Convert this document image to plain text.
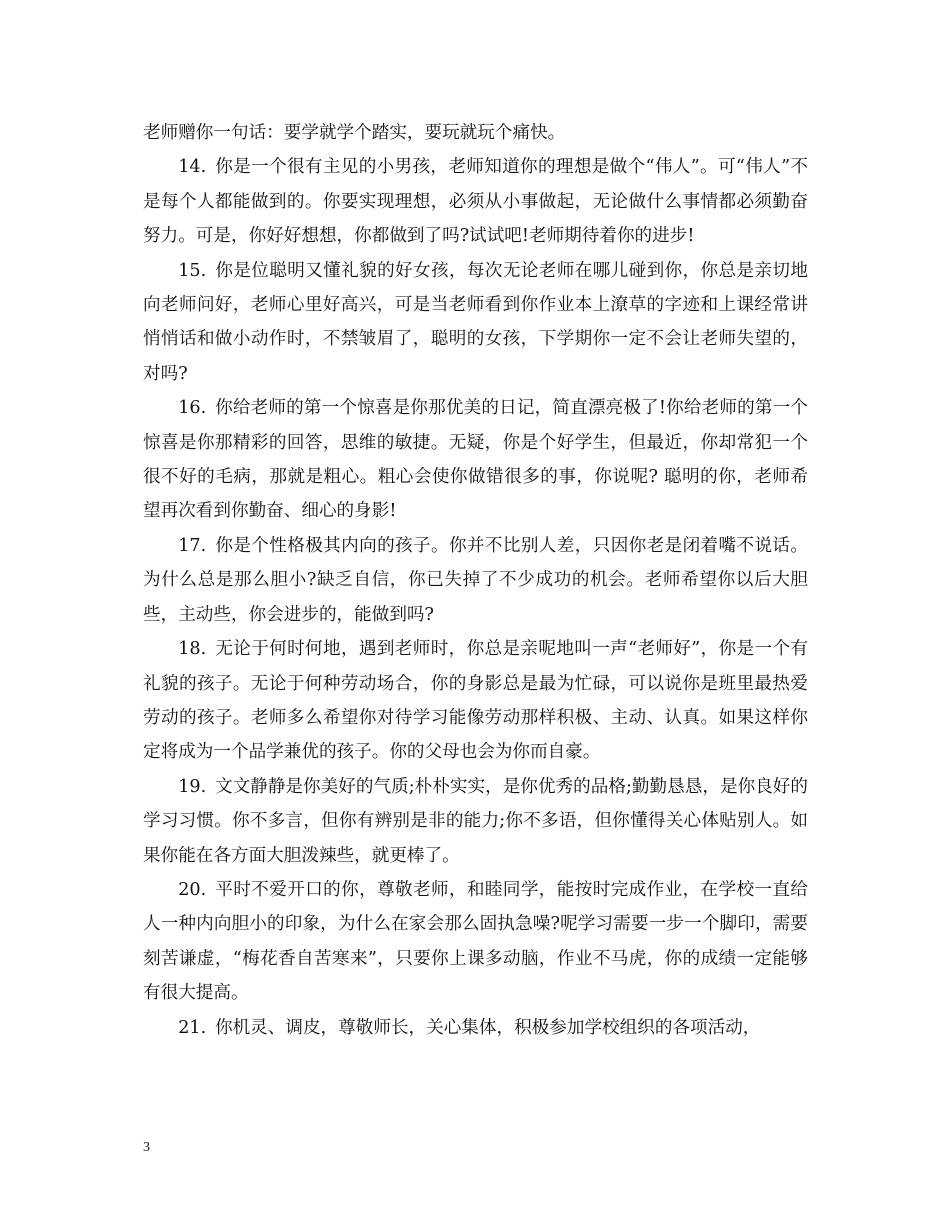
老师赠你一句话：要学就学个踏实，要玩就玩个痛快。

14. 你是一个很有主见的小男孩，老师知道你的理想是做个“伟人”。可“伟人”不是每个人都能做到的。你要实现理想，必须从小事做起，无论做什么事情都必须勤奋努力。可是，你好好想想，你都做到了吗?试试吧!老师期待着你的进步!

15. 你是位聪明又懂礼貌的好女孩，每次无论老师在哪儿碰到你，你总是亲切地向老师问好，老师心里好高兴，可是当老师看到你作业本上潦草的字迹和上课经常讲悄悄话和做小动作时，不禁皱眉了，聪明的女孩，下学期你一定不会让老师失望的，对吗?

16. 你给老师的第一个惊喜是你那优美的日记，简直漂亮极了!你给老师的第一个惊喜是你那精彩的回答，思维的敏捷。无疑，你是个好学生，但最近，你却常犯一个很不好的毛病，那就是粗心。粗心会使你做错很多的事，你说呢? 聪明的你，老师希望再次看到你勤奋、细心的身影!

17. 你是个性格极其内向的孩子。你并不比别人差，只因你老是闭着嘴不说话。为什么总是那么胆小?缺乏自信，你已失掉了不少成功的机会。老师希望你以后大胆些，主动些，你会进步的，能做到吗?

18. 无论于何时何地，遇到老师时，你总是亲呢地叫一声“老师好”，你是一个有礼貌的孩子。无论于何种劳动场合，你的身影总是最为忙碌，可以说你是班里最热爱劳动的孩子。老师多么希望你对待学习能像劳动那样积极、主动、认真。如果这样你定将成为一个品学兼优的孩子。你的父母也会为你而自豪。

19. 文文静静是你美好的气质;朴朴实实，是你优秀的品格;勤勤恳恳，是你良好的学习习惯。你不多言，但你有辨别是非的能力;你不多语，但你懂得关心体贴别人。如果你能在各方面大胆泼辣些，就更棒了。

20. 平时不爱开口的你，尊敬老师，和睦同学，能按时完成作业，在学校一直给人一种内向胆小的印象，为什么在家会那么固执急噪?呢学习需要一步一个脚印，需要刻苦谦虚，“梅花香自苦寒来”，只要你上课多动脑，作业不马虎，你的成绩一定能够有很大提高。

21. 你机灵、调皮，尊敬师长，关心集体，积极参加学校组织的各项活动，

3
